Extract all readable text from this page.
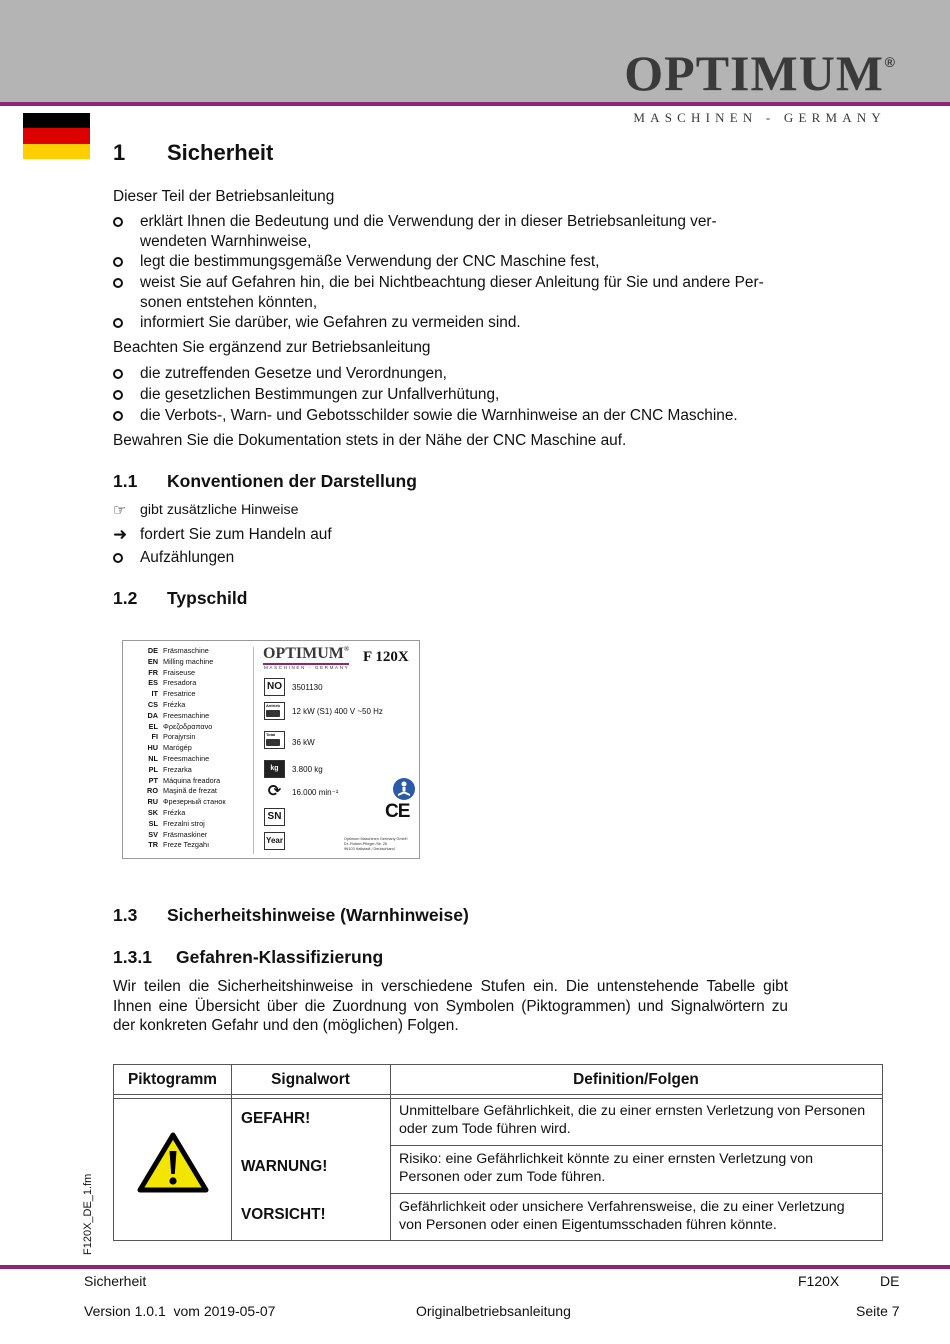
OPTIMUM ®
MASCHINEN - GERMANY
1 Sicherheit
Dieser Teil der Betriebsanleitung
erklärt Ihnen die Bedeutung und die Verwendung der in dieser Betriebsanleitung ver-
wendeten Warnhinweise,
legt die bestimmungsgemäße Verwendung der CNC Maschine fest,
weist Sie auf Gefahren hin, die bei Nichtbeachtung dieser Anleitung für Sie und andere Per-
sonen entstehen könnten,
informiert Sie darüber, wie Gefahren zu vermeiden sind.
Beachten Sie ergänzend zur Betriebsanleitung
die zutreffenden Gesetze und Verordnungen,
die gesetzlichen Bestimmungen zur Unfallverhütung,
die Verbots-, Warn- und Gebotsschilder sowie die Warnhinweise an der CNC Maschine.
Bewahren Sie die Dokumentation stets in der Nähe der CNC Maschine auf.
1.1 Konventionen der Darstellung
☞ gibt zusätzliche Hinweise
➜ fordert Sie zum Handeln auf
Aufzählungen
1.2 Typschild
DE Fräsmaschine
EN Milling machine
FR Fraiseuse
ES Fresadora
IT Fresatrice
CS Frézka
DA Freesmachine
EL Φρεζοδραπανο
FI Porajyrsin
HU Marógép
NL Freesmachine
PL Frezarka
PT Máquina freadora
RO Maşină de frezat
RU Фрезерный станок
SK Frézka
SL Frezalni stroj
SV Fräsmaskiner
TR Freze Tezgahı
OPTIMUM®
MASCHINEN - GERMANY
F 120X
NO	3501130
Antrieb
12 kW (S1) 400 V ~50 Hz
Total
36 kW
kg	3.800 kg
⟳	16.000 min⁻¹
SN
Year
CE
Optimum Maschinen Germany GmbH
Dr.-Robert-Pfleger-Str. 26
96103 Hallstadt / Deutschland
1.3 Sicherheitshinweise (Warnhinweise)
1.3.1 Gefahren-Klassifizierung
Wir teilen die Sicherheitshinweise in verschiedene Stufen ein. Die untenstehende Tabelle gibt
Ihnen eine Übersicht über die Zuordnung von Symbolen (Piktogrammen) und Signalwörtern zu
der konkreten Gefahr und den (möglichen) Folgen.
Piktogramm	Signalwort	Definition/Folgen
GEFAHR!	Unmittelbare Gefährlichkeit, die zu einer ernsten Verletzung von Personen
oder zum Tode führen wird.
WARNUNG!	Risiko: eine Gefährlichkeit könnte zu einer ernsten Verletzung von
Personen oder zum Tode führen.
VORSICHT!	Gefährlichkeit oder unsichere Verfahrensweise, die zu einer Verletzung
von Personen oder einen Eigentumsschaden führen könnte.
F120X_DE_1.fm
Sicherheit	F120X	DE
Version 1.0.1  vom 2019-05-07	Originalbetriebsanleitung	Seite 7
